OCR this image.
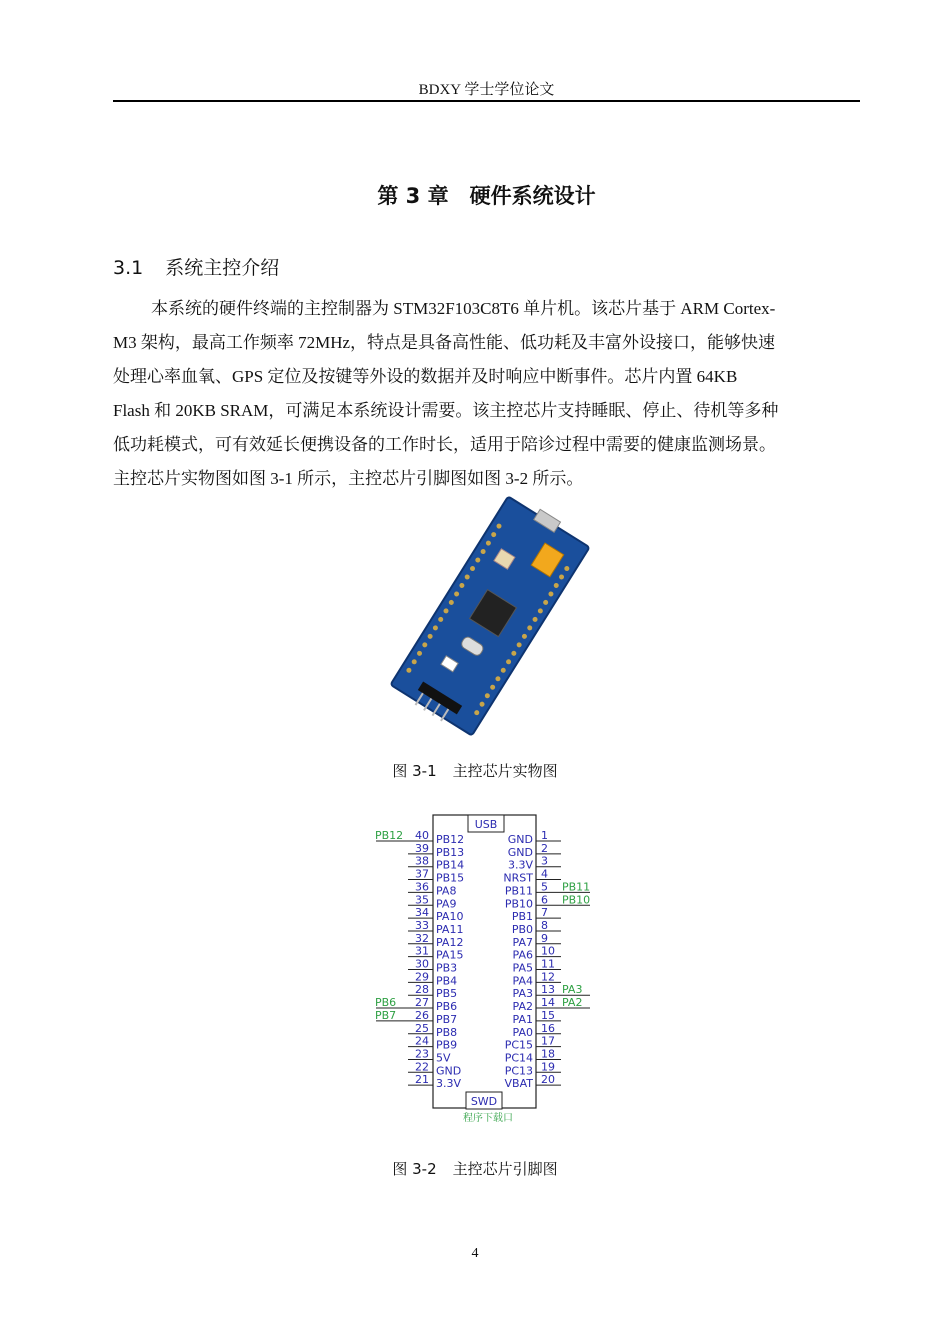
BDXY 学士学位论文
第 3 章　硬件系统设计
3.1 系统主控介绍
本系统的硬件终端的主控制器为 STM32F103C8T6 单片机。该芯片基于 ARM Cortex-
M3 架构，最高工作频率 72MHz，特点是具备高性能、低功耗及丰富外设接口，能够快速
处理心率血氧、GPS 定位及按键等外设的数据并及时响应中断事件。芯片内置 64KB
Flash 和 20KB SRAM，可满足本系统设计需要。该主控芯片支持睡眠、停止、待机等多种
低功耗模式，可有效延长便携设备的工作时长，适用于陪诊过程中需要的健康监测场景。
主控芯片实物图如图 3-1 所示，主控芯片引脚图如图 3-2 所示。
图 3-1 主控芯片实物图
USB
SWD
程序下载口
40 PB12
PB12
39 PB13
38 PB14
37 PB15
36 PA8
35 PA9
34 PA10
33 PA11
32 PA12
31 PA15
30 PB3
29 PB4
28 PB5
27 PB6
PB6
26 PB7
PB7
25 PB8
24 PB9
23 5V
22 GND
21 3.3V
1
GND
2
GND
3
3.3V
4
NRST
5
PB11	PB11
6
PB10	PB10
7
PB1
8
PB0
9
PA7
10
PA6
11
PA5
12
PA4
13
PA3	PA3
14
PA2	PA2
15
PA1
16
PA0
17
PC15
18
PC14
19
PC13
20
VBAT
图 3-2 主控芯片引脚图
4
